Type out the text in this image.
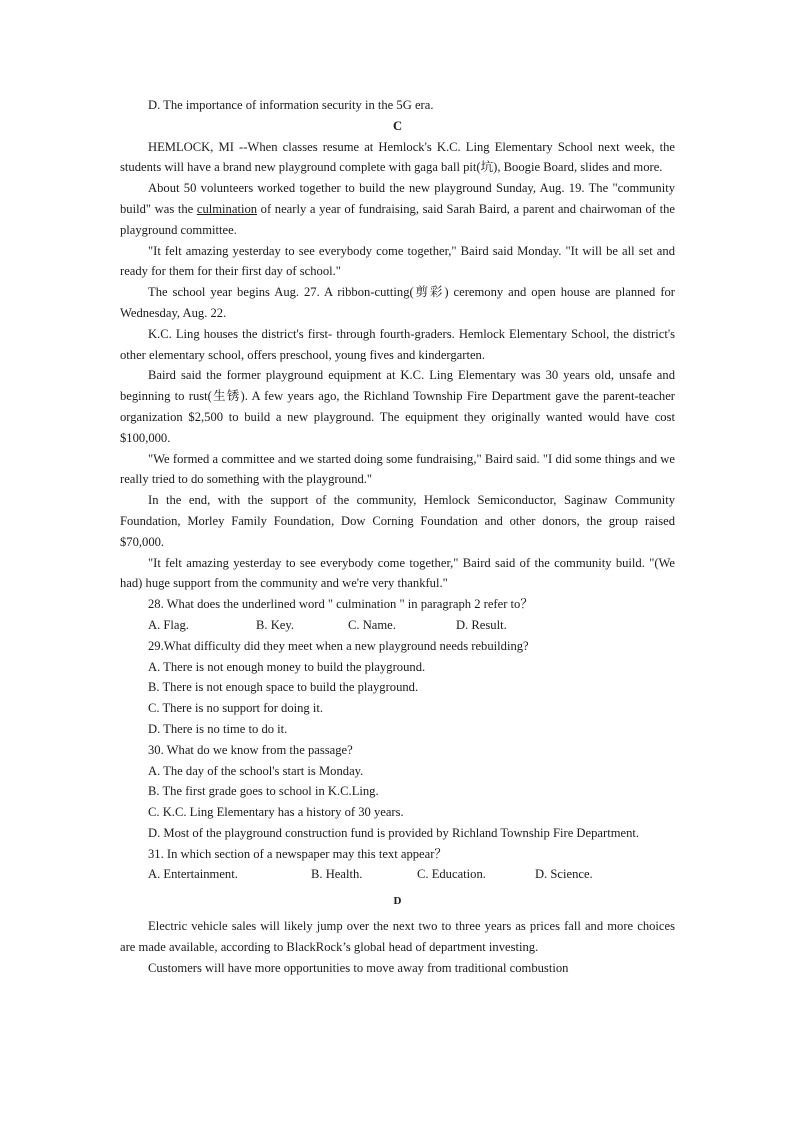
D. The importance of information security in the 5G era.

C

HEMLOCK, MI --When classes resume at Hemlock's K.C. Ling Elementary School next week, the students will have a brand new playground complete with gaga ball pit(坑), Boogie Board, slides and more.

About 50 volunteers worked together to build the new playground Sunday, Aug. 19. The "community build" was the culmination of nearly a year of fundraising, said Sarah Baird, a parent and chairwoman of the playground committee.

"It felt amazing yesterday to see everybody come together," Baird said Monday. "It will be all set and ready for them for their first day of school."

The school year begins Aug. 27. A ribbon-cutting(剪彩) ceremony and open house are planned for Wednesday, Aug. 22.

K.C. Ling houses the district's first- through fourth-graders. Hemlock Elementary School, the district's other elementary school, offers preschool, young fives and kindergarten.

Baird said the former playground equipment at K.C. Ling Elementary was 30 years old, unsafe and beginning to rust(生锈). A few years ago, the Richland Township Fire Department gave the parent-teacher organization $2,500 to build a new playground. The equipment they originally wanted would have cost $100,000.

"We formed a committee and we started doing some fundraising," Baird said. "I did some things and we really tried to do something with the playground."

In the end, with the support of the community, Hemlock Semiconductor, Saginaw Community Foundation, Morley Family Foundation, Dow Corning Foundation and other donors, the group raised $70,000.

"It felt amazing yesterday to see everybody come together," Baird said of the community build. "(We had) huge support from the community and we're very thankful."

28. What does the underlined word " culmination " in paragraph 2 refer to？

A. Flag.	B. Key.	C. Name.	D. Result.

29.What difficulty did they meet when a new playground needs rebuilding?

A. There is not enough money to build the playground.

B. There is not enough space to build the playground.

C. There is no support for doing it.

D. There is no time to do it.

30. What do we know from the passage?

A. The day of the school's start is Monday.

B. The first grade goes to school in K.C.Ling.

C. K.C. Ling Elementary has a history of 30 years.

D. Most of the playground construction fund is provided by Richland Township Fire Department.

31. In which section of a newspaper may this text appear？

A. Entertainment.	B. Health.	C. Education.	D. Science.

D

Electric vehicle sales will likely jump over the next two to three years as prices fall and more choices are made available, according to BlackRock’s global head of department investing.

Customers will have more opportunities to move away from traditional combustion
